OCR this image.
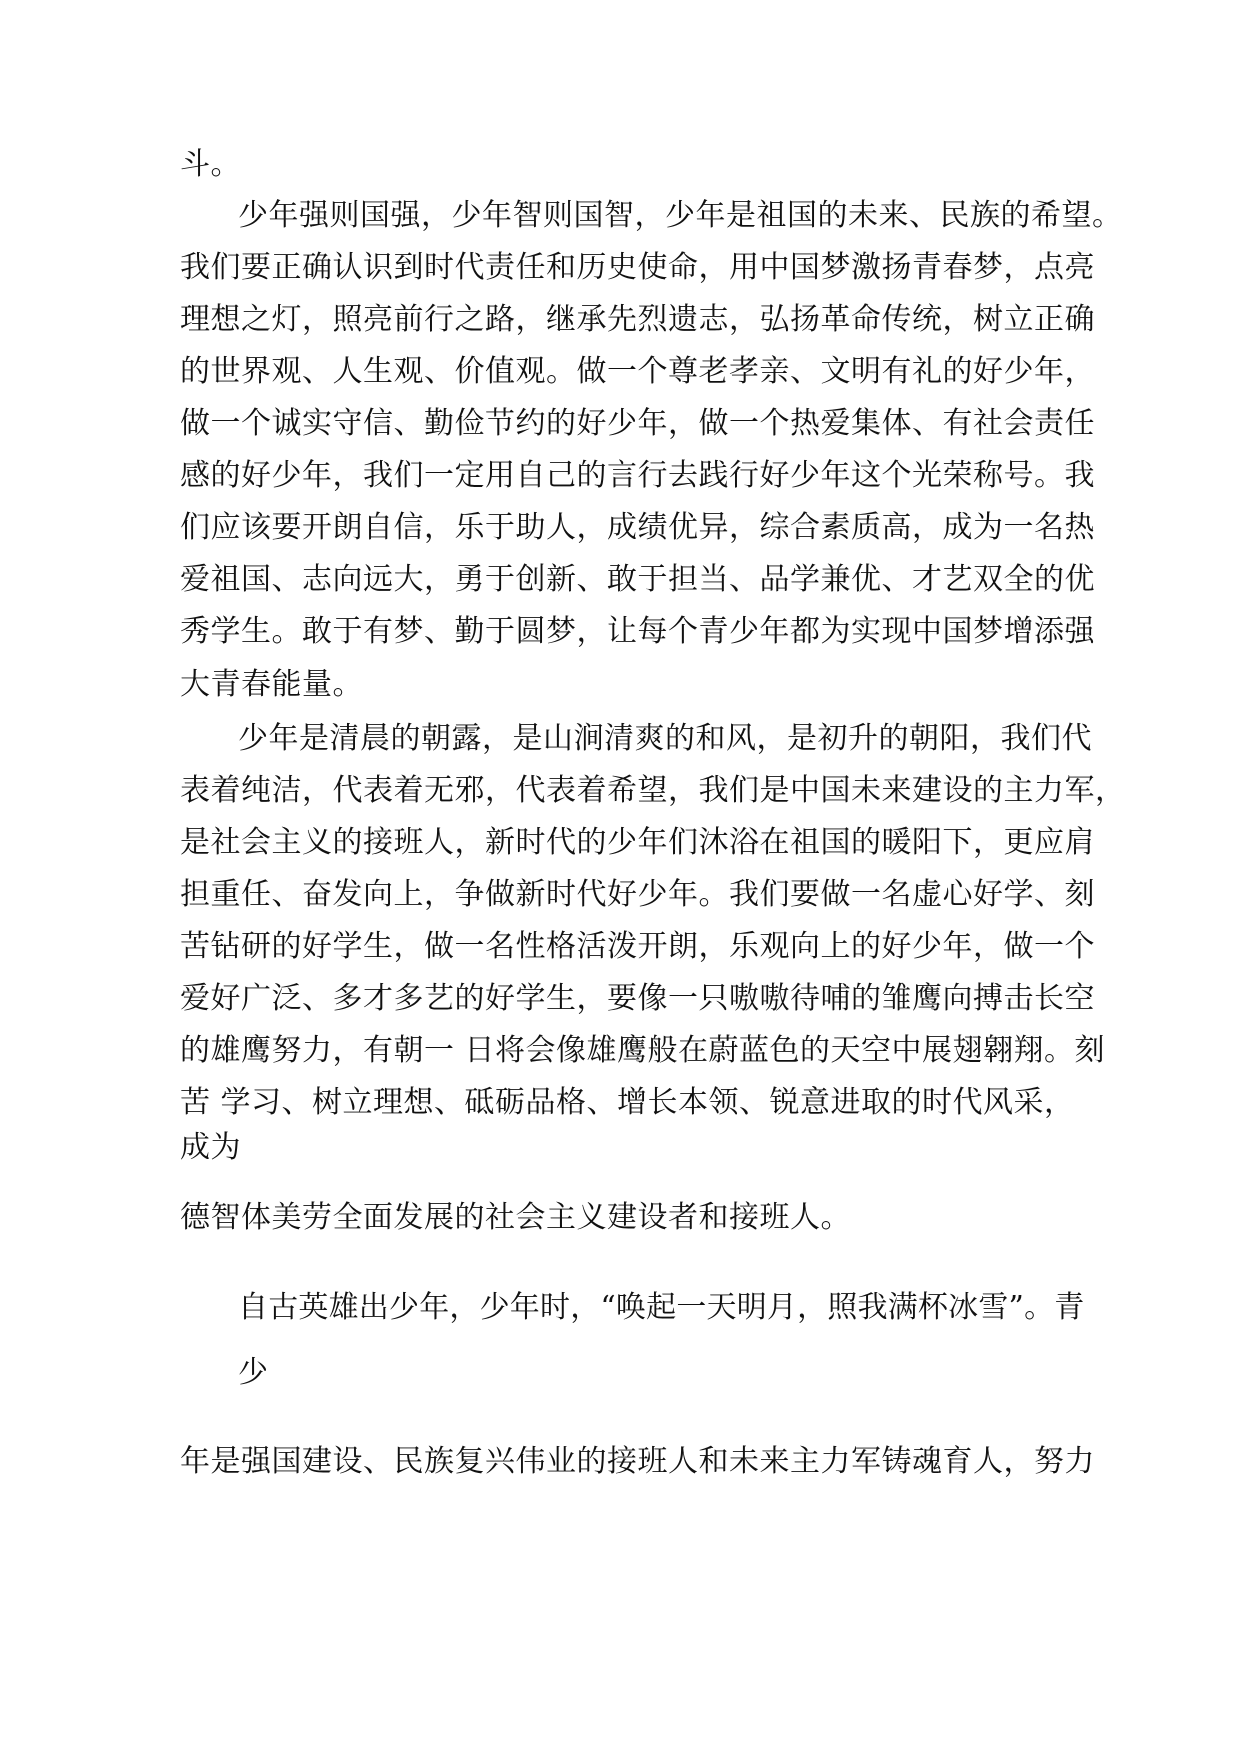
斗。
少年强则国强，少年智则国智，少年是祖国的未来、民族的希望。
我们要正确认识到时代责任和历史使命，用中国梦激扬青春梦，点亮
理想之灯，照亮前行之路，继承先烈遗志，弘扬革命传统，树立正确
的世界观、人生观、价值观。做一个尊老孝亲、文明有礼的好少年，
做一个诚实守信、勤俭节约的好少年，做一个热爱集体、有社会责任
感的好少年，我们一定用自己的言行去践行好少年这个光荣称号。我
们应该要开朗自信，乐于助人，成绩优异，综合素质高，成为一名热
爱祖国、志向远大，勇于创新、敢于担当、品学兼优、才艺双全的优
秀学生。敢于有梦、勤于圆梦，让每个青少年都为实现中国梦增添强
大青春能量。
少年是清晨的朝露，是山涧清爽的和风，是初升的朝阳，我们代
表着纯洁，代表着无邪，代表着希望，我们是中国未来建设的主力军，
是社会主义的接班人，新时代的少年们沐浴在祖国的暖阳下，更应肩
担重任、奋发向上，争做新时代好少年。我们要做一名虚心好学、刻
苦钻研的好学生，做一名性格活泼开朗，乐观向上的好少年，做一个
爱好广泛、多才多艺的好学生，要像一只嗷嗷待哺的雏鹰向搏击长空
的雄鹰努力，有朝一 日将会像雄鹰般在蔚蓝色的天空中展翅翱翔。刻
苦 学习、树立理想、砥砺品格、增长本领、锐意进取的时代风采，
成为
德智体美劳全面发展的社会主义建设者和接班人。
自古英雄出少年，少年时，“唤起一天明月，照我满杯冰雪”。青
少
年是强国建设、民族复兴伟业的接班人和未来主力军铸魂育人，努力
